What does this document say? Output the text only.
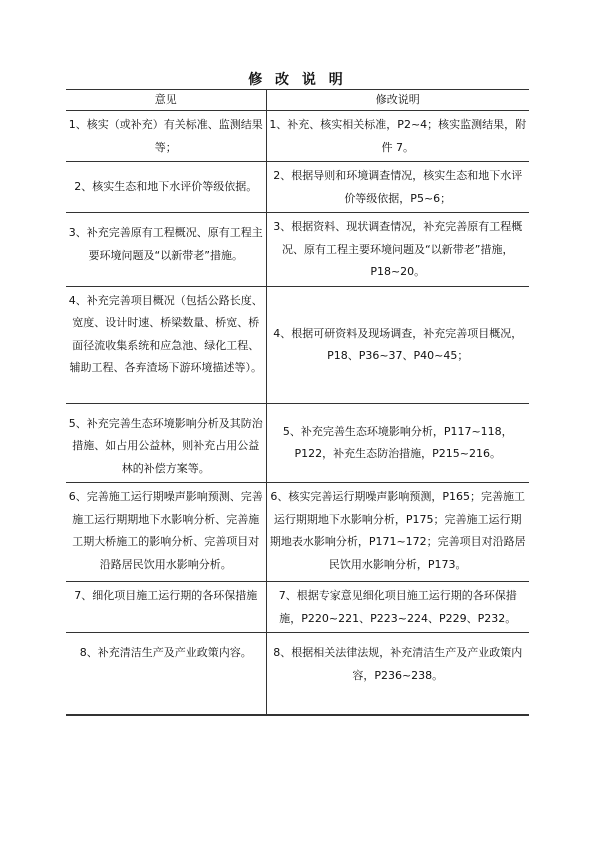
修 改 说 明
意见	修改说明
1、核实（或补充）有关标准、监测结果等；	1、补充、核实相关标准，P2~4；核实监测结果，附件 7。
2、核实生态和地下水评价等级依据。	2、根据导则和环境调查情况，核实生态和地下水评价等级依据，P5~6；
3、补充完善原有工程概况、原有工程主要环境问题及“以新带老”措施。	3、根据资料、现状调查情况，补充完善原有工程概况、原有工程主要环境问题及“以新带老”措施，P18~20。
4、补充完善项目概况（包括公路长度、宽度、设计时速、桥梁数量、桥宽、桥面径流收集系统和应急池、绿化工程、辅助工程、各弃渣场下游环境描述等）。	4、根据可研资料及现场调查，补充完善项目概况，P18、P36~37、P40~45；
5、补充完善生态环境影响分析及其防治措施、如占用公益林，则补充占用公益林的补偿方案等。	5、补充完善生态环境影响分析，P117~118，P122，补充生态防治措施，P215~216。
6、完善施工运行期噪声影响预测、完善施工运行期期地下水影响分析、完善施工期大桥施工的影响分析、完善项目对沿路居民饮用水影响分析。	6、核实完善运行期噪声影响预测，P165；完善施工运行期期地下水影响分析，P175；完善施工运行期期地表水影响分析，P171~172；完善项目对沿路居民饮用水影响分析，P173。
7、细化项目施工运行期的各环保措施	7、根据专家意见细化项目施工运行期的各环保措施，P220~221、P223~224、P229、P232。
8、补充清洁生产及产业政策内容。	8、根据相关法律法规，补充清洁生产及产业政策内容，P236~238。
